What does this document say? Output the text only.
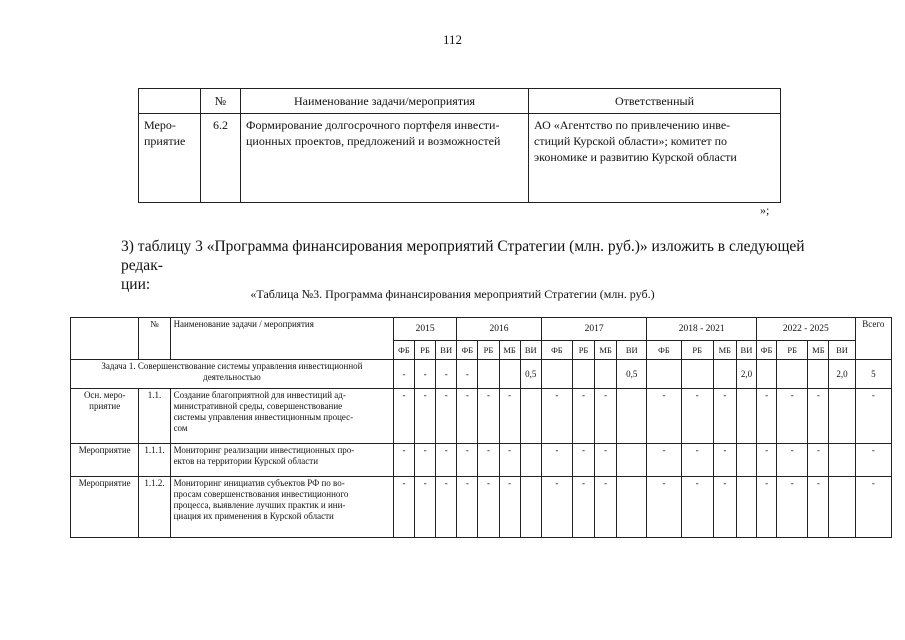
112
	№	Наименование задачи/мероприятия	Ответственный
Меро-
приятие	6.2	Формирование долгосрочного портфеля инвести-
ционных проектов, предложений и возможностей	АО «Агентство по привлечению инве-
стиций Курской области»; комитет по
экономике и развитию Курской области
»;
3) таблицу 3 «Программа финансирования мероприятий Стратегии (млн. руб.)» изложить в следующей редак-
ции:
«Таблица №3. Программа финансирования мероприятий Стратегии (млн. руб.)
	№	Наименование задачи / мероприятия	2015			2016				2017				2018 - 2021				2022 - 2025				Всего
			ФБ	РБ	ВИ	ФБ	РБ	МБ	ВИ	ФБ	РБ	МБ	ВИ	ФБ	РБ	МБ	ВИ	ФБ	РБ	МБ	ВИ	
Задача 1. Совершенствование системы управления инвестиционной
деятельностью			-	-	-	-			0,5				0,5				2,0				2,0	5
Осн. меро-
приятие	1.1.	Создание благоприятной для инвестиций ад-
министративной среды, совершенствование
системы управления инвестиционным процес-
сом	-	-	-	-	-	-		-	-	-		-	-	-		-	-	-		-
Мероприятие	1.1.1.	Мониторинг реализации инвестиционных про-
ектов на территории Курской области	-	-	-	-	-	-		-	-	-		-	-	-		-	-	-		-
Мероприятие	1.1.2.	Мониторинг инициатив субъектов РФ по во-
просам совершенствования инвестиционного
процесса, выявление лучших практик и ини-
циация их применения в Курской области	-	-	-	-	-	-		-	-	-		-	-	-		-	-	-		-
